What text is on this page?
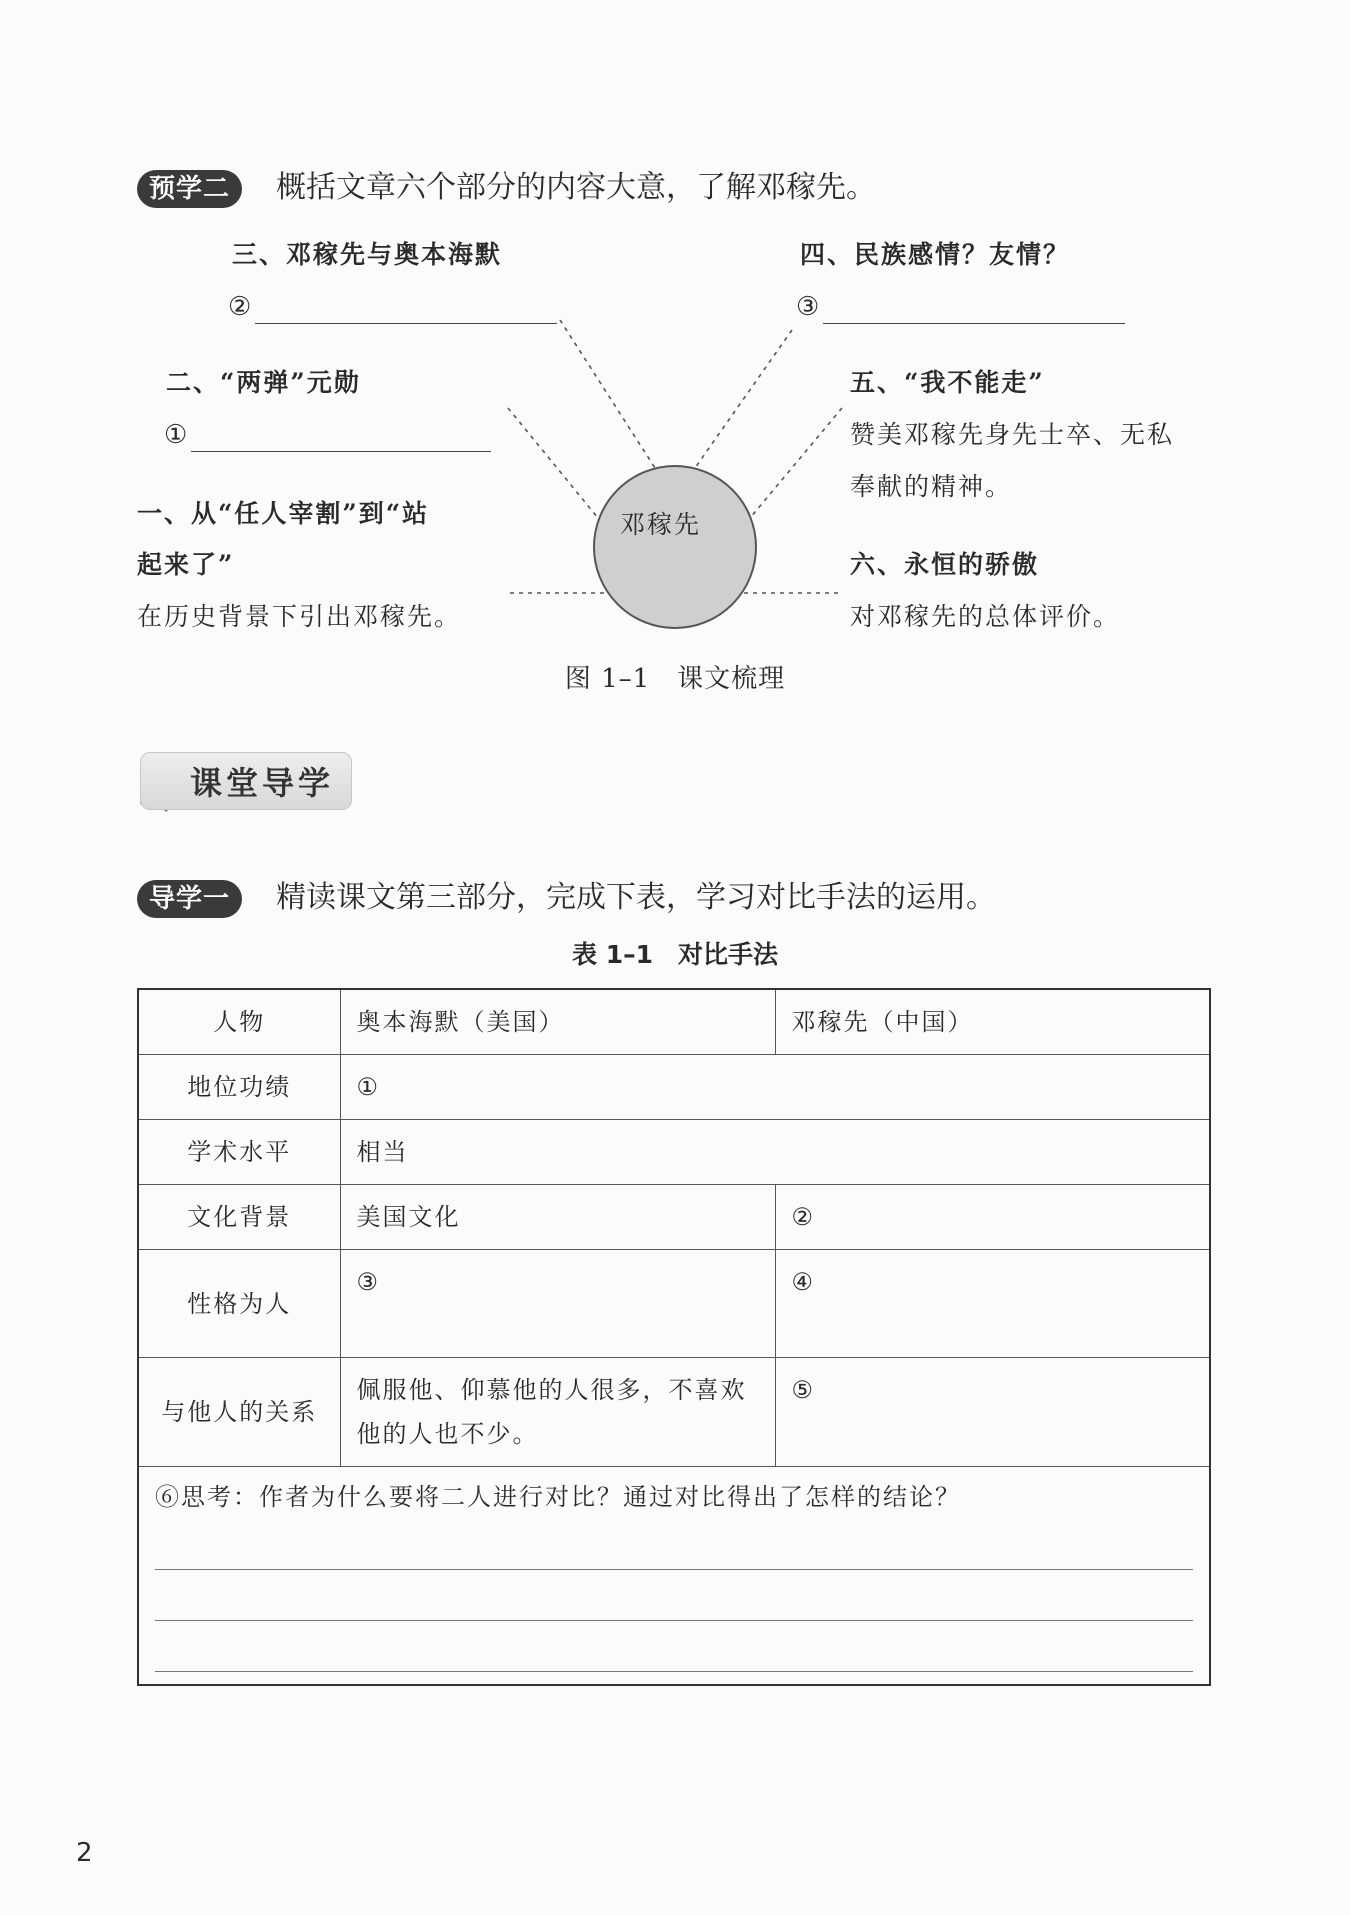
预学二	概括文章六个部分的内容大意，了解邓稼先。
邓稼先
三、邓稼先与奥本海默
②
四、民族感情？友情？
③
二、“两弹”元勋
①
五、“我不能走”
赞美邓稼先身先士卒、无私
奉献的精神。
一、从“任人宰割”到“站
起来了”
在历史背景下引出邓稼先。
六、永恒的骄傲
对邓稼先的总体评价。
图 1–1　课文梳理
课堂导学
导学一	精读课文第三部分，完成下表，学习对比手法的运用。
表 1–1　对比手法
人物	奥本海默（美国）	邓稼先（中国）
地位功绩	①	
学术水平	相当	
文化背景	美国文化	②
性格为人	③	④
与他人的关系	佩服他、仰慕他的人很多，不喜欢他的人也不少。	⑤

⑥思考：作者为什么要将二人进行对比？通过对比得出了怎样的结论？		
2
